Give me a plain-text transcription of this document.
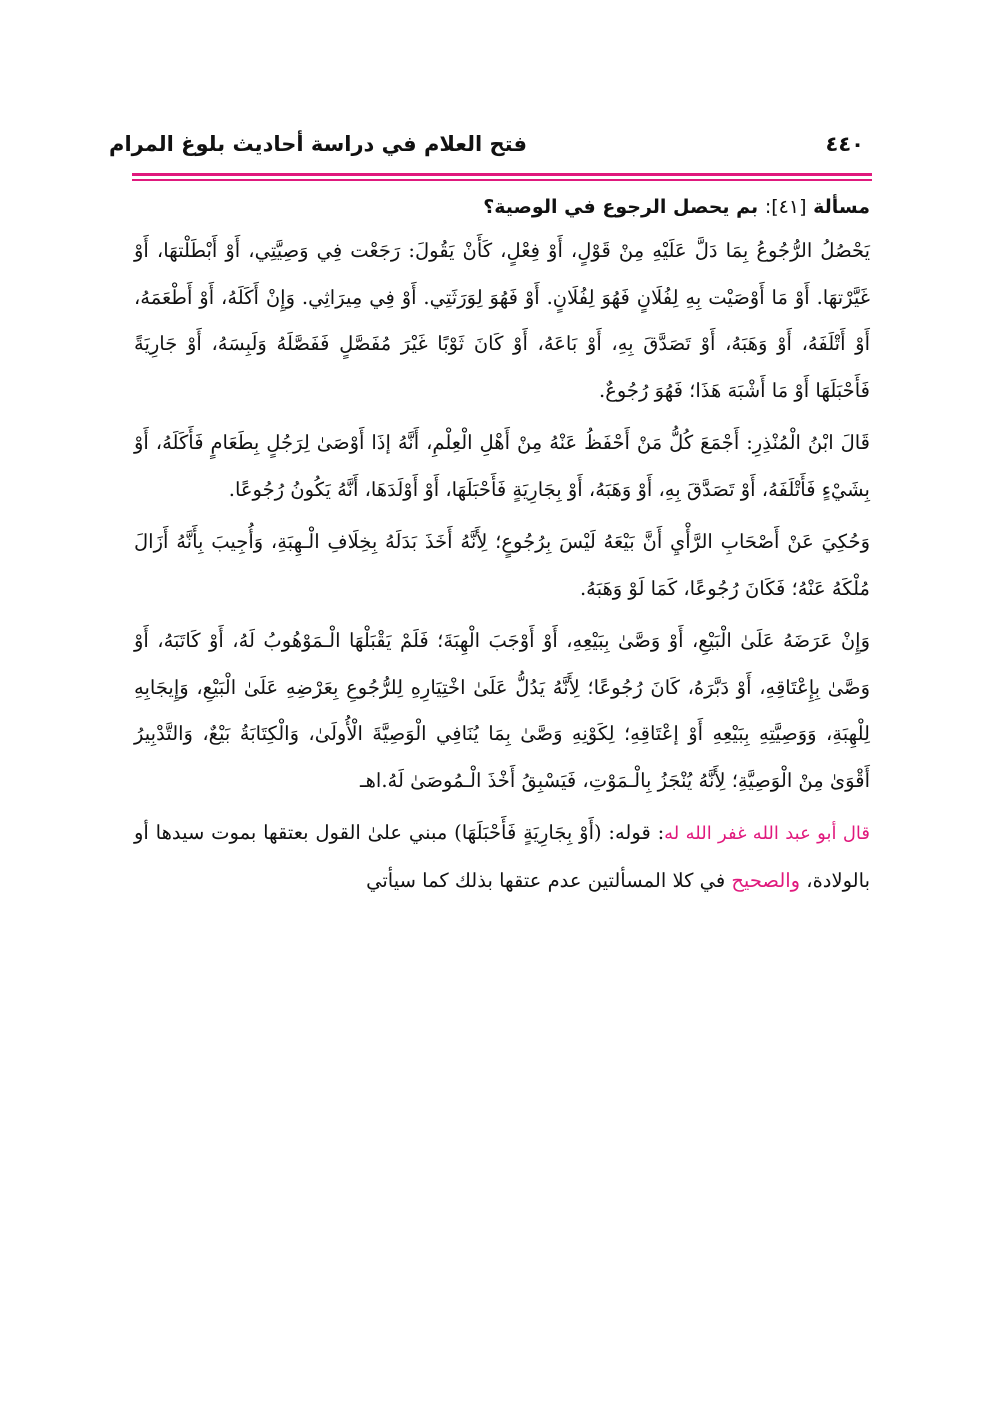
فتح العلام في دراسة أحاديث بلوغ المرام	٤٤٠
مسألة [٤١]: بم يحصل الرجوع في الوصية؟

يَحْصُلُ الرُّجُوعُ بِمَا دَلَّ عَلَيْهِ مِنْ قَوْلٍ، أَوْ فِعْلٍ، كَأَنْ يَقُولَ: رَجَعْت فِي وَصِيَّتِي، أَوْ أَبْطَلْتهَا، أَوْ غَيَّرْتهَا. أَوْ مَا أَوْصَيْت بِهِ لِفُلَانٍ فَهُوَ لِفُلَانٍ. أَوْ فَهُوَ لِوَرَثَتِي. أَوْ فِي مِيرَاثِي. وَإِنْ أَكَلَهُ، أَوْ أَطْعَمَهُ، أَوْ أَتْلَفَهُ، أَوْ وَهَبَهُ، أَوْ تَصَدَّقَ بِهِ، أَوْ بَاعَهُ، أَوْ كَانَ ثَوْبًا غَيْرَ مُفَصَّلٍ فَفَصَّلَهُ وَلَبِسَهُ، أَوْ جَارِيَةً فَأَحْبَلَهَا أَوْ مَا أَشْبَهَ هَذَا؛ فَهُوَ رُجُوعٌ.

قَالَ ابْنُ الْمُنْذِرِ: أَجْمَعَ كُلُّ مَنْ أَحْفَظُ عَنْهُ مِنْ أَهْلِ الْعِلْمِ، أَنَّهُ إذَا أَوْصَىٰ لِرَجُلٍ بِطَعَامٍ فَأَكَلَهُ، أَوْ بِشَيْءٍ فَأَتْلَفَهُ، أَوْ تَصَدَّقَ بِهِ، أَوْ وَهَبَهُ، أَوْ بِجَارِيَةٍ فَأَحْبَلَهَا، أَوْ أَوْلَدَهَا، أَنَّهُ يَكُونُ رُجُوعًا.

وَحُكِيَ عَنْ أَصْحَابِ الرَّأْيِ أَنَّ بَيْعَهُ لَيْسَ بِرُجُوعٍ؛ لِأَنَّهُ أَخَذَ بَدَلَهُ بِخِلَافِ الْـهِبَةِ، وَأُجِيبَ بِأَنَّهُ أَزَالَ مُلْكَهُ عَنْهُ؛ فَكَانَ رُجُوعًا، كَمَا لَوْ وَهَبَهُ.

وَإِنْ عَرَضَهُ عَلَىٰ الْبَيْعِ، أَوْ وَصَّىٰ بِبَيْعِهِ، أَوْ أَوْجَبَ الْهِبَةَ؛ فَلَمْ يَقْبَلْهَا الْـمَوْهُوبُ لَهُ، أَوْ كَاتَبَهُ، أَوْ وَصَّىٰ بِإِعْتَاقِهِ، أَوْ دَبَّرَهُ، كَانَ رُجُوعًا؛ لِأَنَّهُ يَدُلُّ عَلَىٰ اخْتِيَارِهِ لِلرُّجُوعِ بِعَرْضِهِ عَلَىٰ الْبَيْعِ، وَإِيجَابِهِ لِلْهِبَةِ، وَوَصِيَّتِهِ بِبَيْعِهِ أَوْ إعْتَاقِهِ؛ لِكَوْنِهِ وَصَّىٰ بِمَا يُنَافِي الْوَصِيَّةَ الْأُولَىٰ، وَالْكِتَابَةُ بَيْعٌ، وَالتَّدْبِيرُ أَقْوَىٰ مِنْ الْوَصِيَّةِ؛ لِأَنَّهُ يُنْجَزُ بِالْـمَوْتِ، فَيَسْبِقُ أَخْذَ الْـمُوصَىٰ لَهُ.اهـ

قال أبو عبد الله غفر الله له: قوله: (أَوْ بِجَارِيَةٍ فَأَحْبَلَهَا) مبني علىٰ القول بعتقها بموت سيدها أو بالولادة، والصحيح في كلا المسألتين عدم عتقها بذلك كما سيأتي
